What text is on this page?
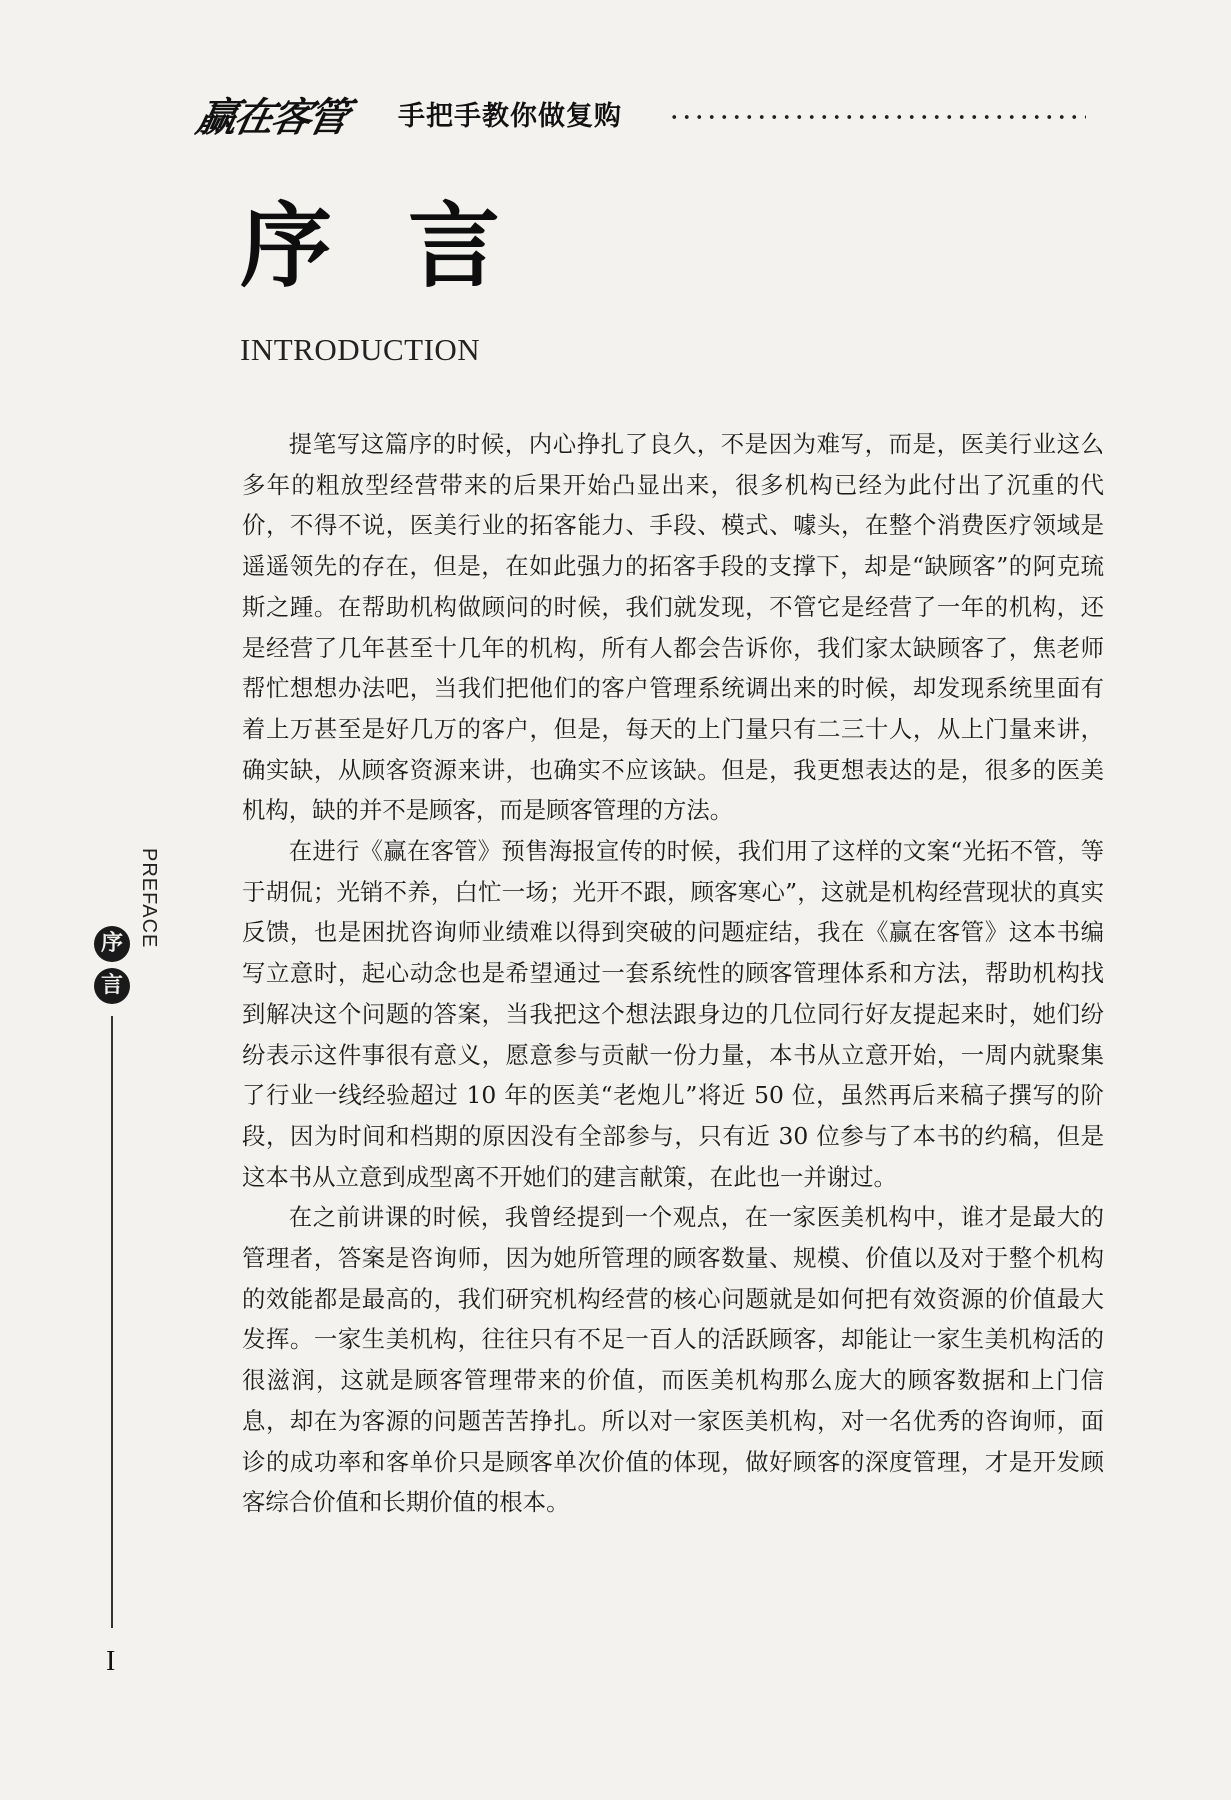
赢在客管 手把手教你做复购
序 言
INTRODUCTION

提笔写这篇序的时候，内心挣扎了良久，不是因为难写，而是，医美行业这么多年的粗放型经营带来的后果开始凸显出来，很多机构已经为此付出了沉重的代价，不得不说，医美行业的拓客能力、手段、模式、噱头，在整个消费医疗领域是遥遥领先的存在，但是，在如此强力的拓客手段的支撑下，却是“缺顾客”的阿克琉斯之踵。在帮助机构做顾问的时候，我们就发现，不管它是经营了一年的机构，还是经营了几年甚至十几年的机构，所有人都会告诉你，我们家太缺顾客了，焦老师帮忙想想办法吧，当我们把他们的客户管理系统调出来的时候，却发现系统里面有着上万甚至是好几万的客户，但是，每天的上门量只有二三十人，从上门量来讲，确实缺，从顾客资源来讲，也确实不应该缺。但是，我更想表达的是，很多的医美机构，缺的并不是顾客，而是顾客管理的方法。

在进行《赢在客管》预售海报宣传的时候，我们用了这样的文案“光拓不管，等于胡侃；光销不养，白忙一场；光开不跟，顾客寒心”，这就是机构经营现状的真实反馈，也是困扰咨询师业绩难以得到突破的问题症结，我在《赢在客管》这本书编写立意时，起心动念也是希望通过一套系统性的顾客管理体系和方法，帮助机构找到解决这个问题的答案，当我把这个想法跟身边的几位同行好友提起来时，她们纷纷表示这件事很有意义，愿意参与贡献一份力量，本书从立意开始，一周内就聚集了行业一线经验超过 10 年的医美“老炮儿”将近 50 位，虽然再后来稿子撰写的阶段，因为时间和档期的原因没有全部参与，只有近 30 位参与了本书的约稿，但是这本书从立意到成型离不开她们的建言献策，在此也一并谢过。

在之前讲课的时候，我曾经提到一个观点，在一家医美机构中，谁才是最大的管理者，答案是咨询师，因为她所管理的顾客数量、规模、价值以及对于整个机构的效能都是最高的，我们研究机构经营的核心问题就是如何把有效资源的价值最大发挥。一家生美机构，往往只有不足一百人的活跃顾客，却能让一家生美机构活的很滋润，这就是顾客管理带来的价值，而医美机构那么庞大的顾客数据和上门信息，却在为客源的问题苦苦挣扎。所以对一家医美机构，对一名优秀的咨询师，面诊的成功率和客单价只是顾客单次价值的体现，做好顾客的深度管理，才是开发顾客综合价值和长期价值的根本。

PREFACE
序
言
I
